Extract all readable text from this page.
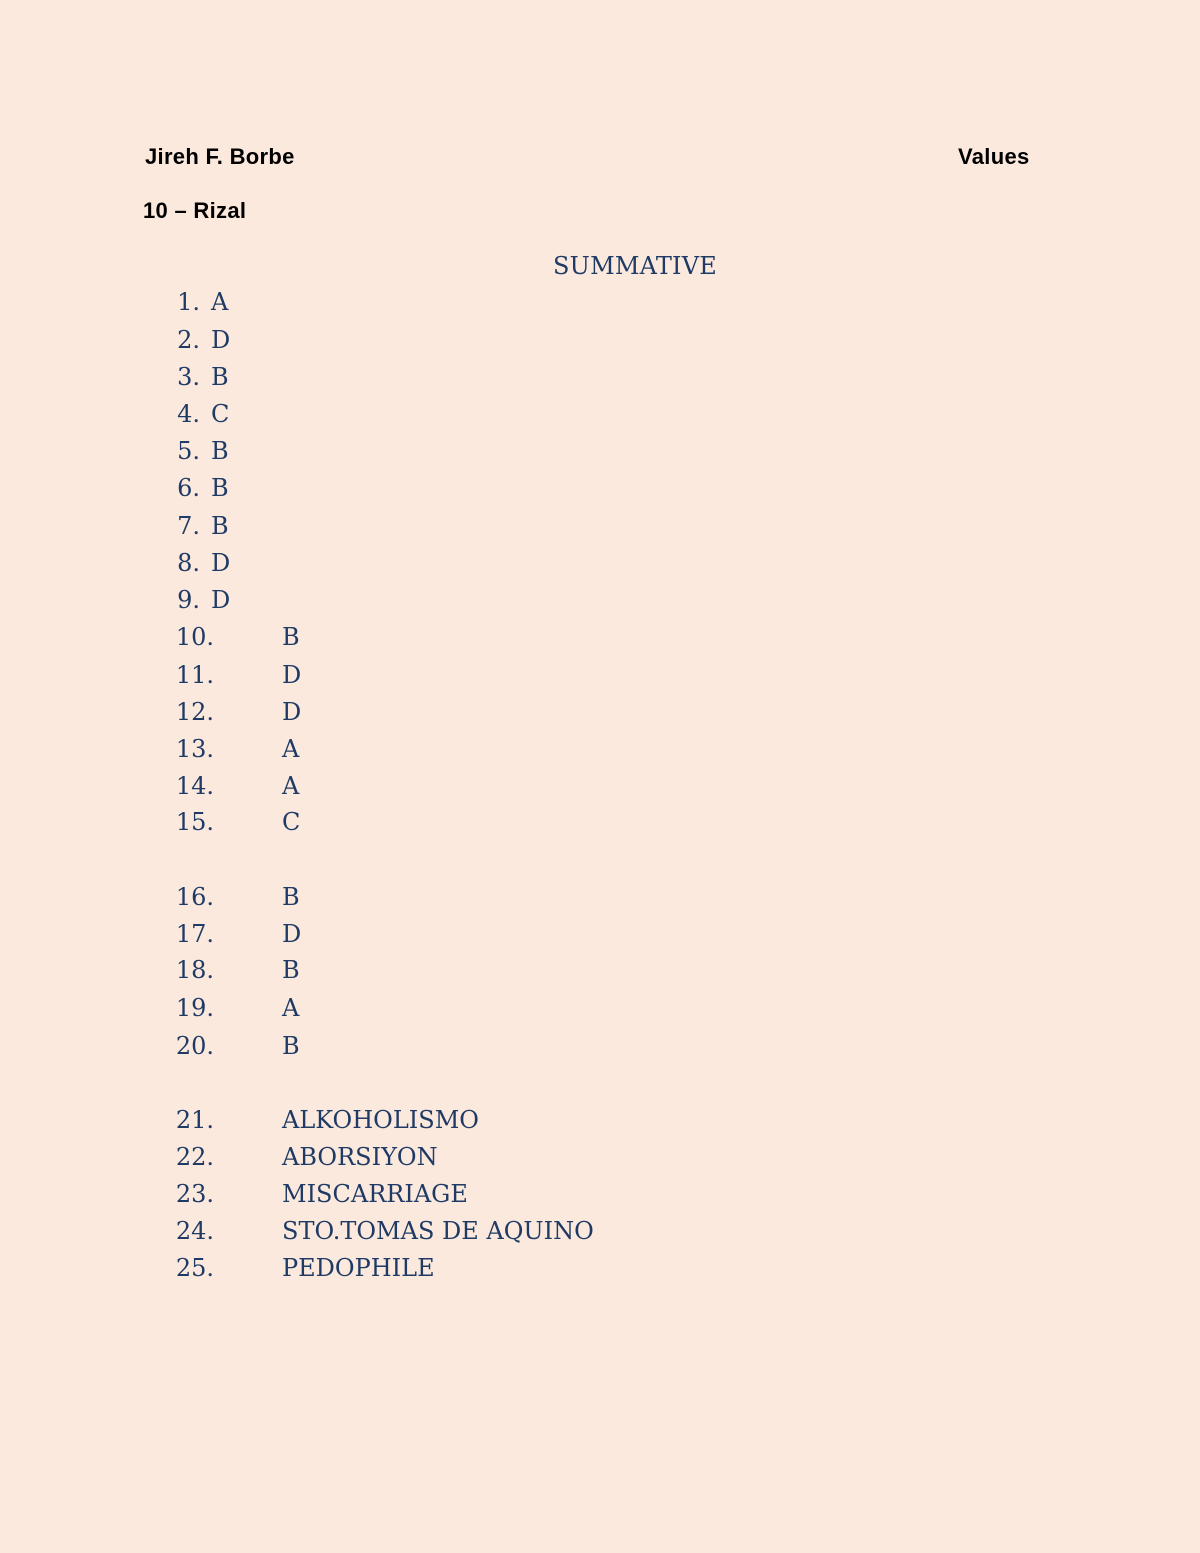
Jireh F. Borbe	Values
10 – Rizal
SUMMATIVE
1. A
2. D
3. B
4. C
5. B
6. B
7. B
8. D
9. D
10.	B
11.	D
12.	D
13.	A
14.	A
15.	C
16.	B
17.	D
18.	B
19.	A
20.	B
21.	ALKOHOLISMO
22.	ABORSIYON
23.	MISCARRIAGE
24.	STO.TOMAS DE AQUINO
25.	PEDOPHILE
